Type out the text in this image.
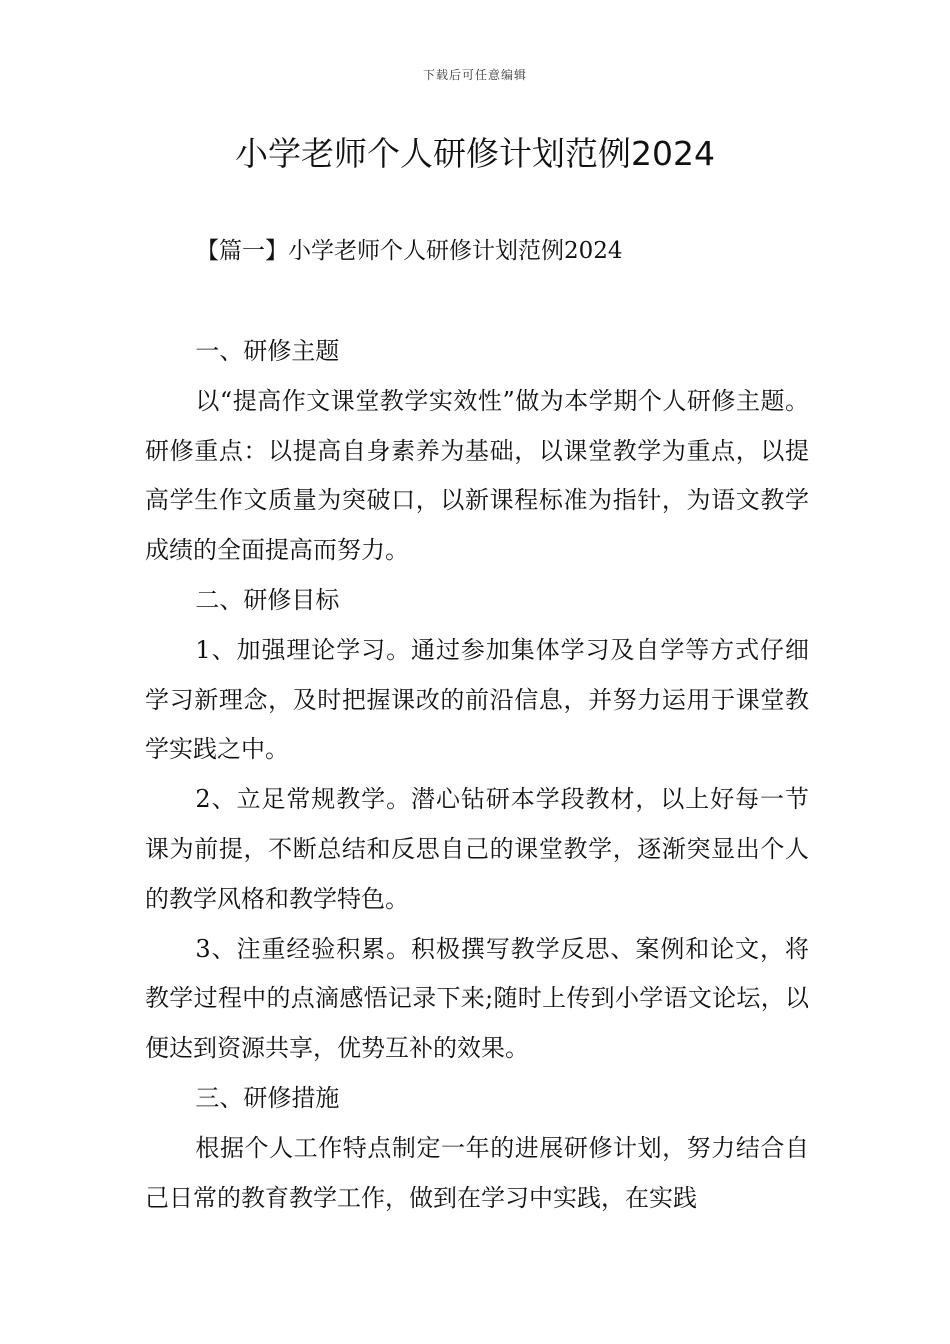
下载后可任意编辑
小学老师个人研修计划范例2024
【篇一】小学老师个人研修计划范例2024

一、研修主题

以“提高作文课堂教学实效性”做为本学期个人研修主题。研修重点：以提高自身素养为基础，以课堂教学为重点，以提高学生作文质量为突破口，以新课程标准为指针，为语文教学成绩的全面提高而努力。

二、研修目标

1、加强理论学习。通过参加集体学习及自学等方式仔细学习新理念，及时把握课改的前沿信息，并努力运用于课堂教学实践之中。

2、立足常规教学。潜心钻研本学段教材，以上好每一节课为前提，不断总结和反思自己的课堂教学，逐渐突显出个人的教学风格和教学特色。

3、注重经验积累。积极撰写教学反思、案例和论文，将教学过程中的点滴感悟记录下来;随时上传到小学语文论坛，以便达到资源共享，优势互补的效果。

三、研修措施

根据个人工作特点制定一年的进展研修计划，努力结合自己日常的教育教学工作，做到在学习中实践，在实践
